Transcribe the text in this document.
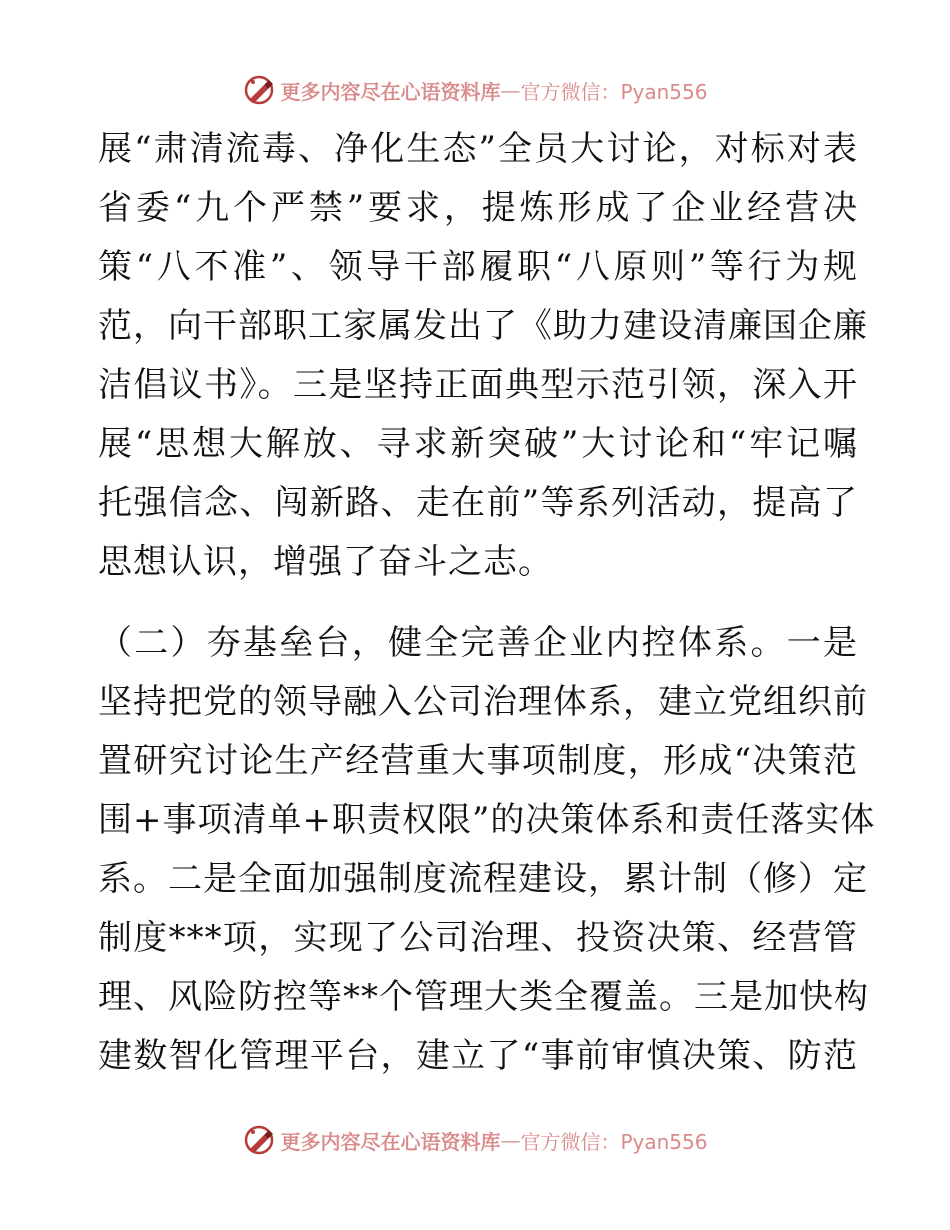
更多内容尽在心语资料库 — 官方微信：Pyan556
展“肃清流毒、净化生态”全员大讨论，对标对表
省委“九个严禁”要求，提炼形成了企业经营决
策“八不准”、领导干部履职“八原则”等行为规
范，向干部职工家属发出了《助力建设清廉国企廉
洁倡议书》。三是坚持正面典型示范引领，深入开
展“思想大解放、寻求新突破”大讨论和“牢记嘱
托强信念、闯新路、走在前”等系列活动，提高了
思想认识，增强了奋斗之志。
（二）夯基垒台，健全完善企业内控体系。一是
坚持把党的领导融入公司治理体系，建立党组织前
置研究讨论生产经营重大事项制度，形成“决策范
围+事项清单+职责权限”的决策体系和责任落实体
系。二是全面加强制度流程建设，累计制（修）定
制度***项，实现了公司治理、投资决策、经营管
理、风险防控等**个管理大类全覆盖。三是加快构
建数智化管理平台，建立了“事前审慎决策、防范
更多内容尽在心语资料库 — 官方微信：Pyan556
